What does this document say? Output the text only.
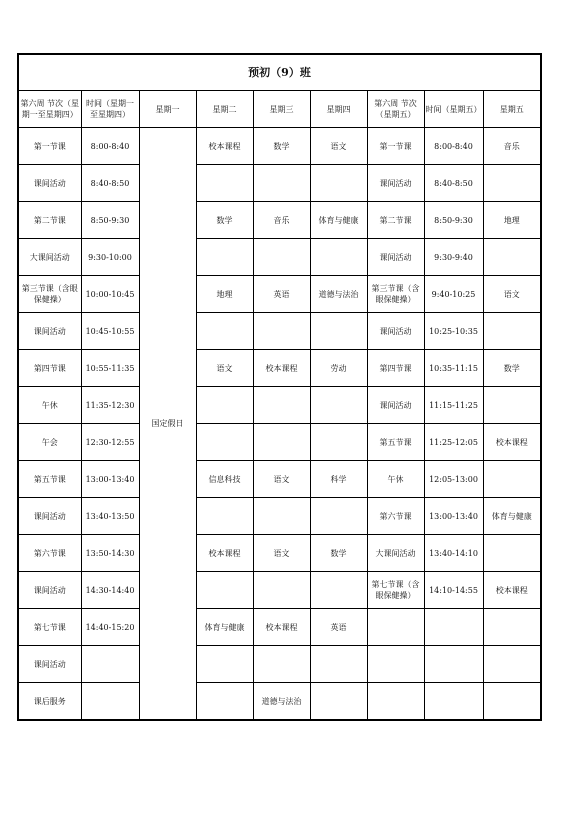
预初（9）班								
第六周 节次（星期一至星期四）	时间（星期一至星期四）	星期一	星期二	星期三	星期四	第六周 节次（星期五）	时间（星期五）	星期五
第一节课	8:00-8:40	国定假日	校本课程	数学	语文	第一节课	8:00-8:40	音乐
课间活动	8:40-8:50					课间活动	8:40-8:50	
第二节课	8:50-9:30		数学	音乐	体育与健康	第二节课	8:50-9:30	地理
大课间活动	9:30-10:00					课间活动	9:30-9:40	
第三节课（含眼保健操）	10:00-10:45		地理	英语	道德与法治	第三节课（含眼保健操）	9:40-10:25	语文
课间活动	10:45-10:55					课间活动	10:25-10:35	
第四节课	10:55-11:35		语文	校本课程	劳动	第四节课	10:35-11:15	数学
午休	11:35-12:30					课间活动	11:15-11:25	
午会	12:30-12:55					第五节课	11:25-12:05	校本课程
第五节课	13:00-13:40		信息科技	语文	科学	午休	12:05-13:00	
课间活动	13:40-13:50					第六节课	13:00-13:40	体育与健康
第六节课	13:50-14:30		校本课程	语文	数学	大课间活动	13:40-14:10	
课间活动	14:30-14:40					第七节课（含眼保健操）	14:10-14:55	校本课程
第七节课	14:40-15:20		体育与健康	校本课程	英语			
课间活动								
课后服务				道德与法治				
